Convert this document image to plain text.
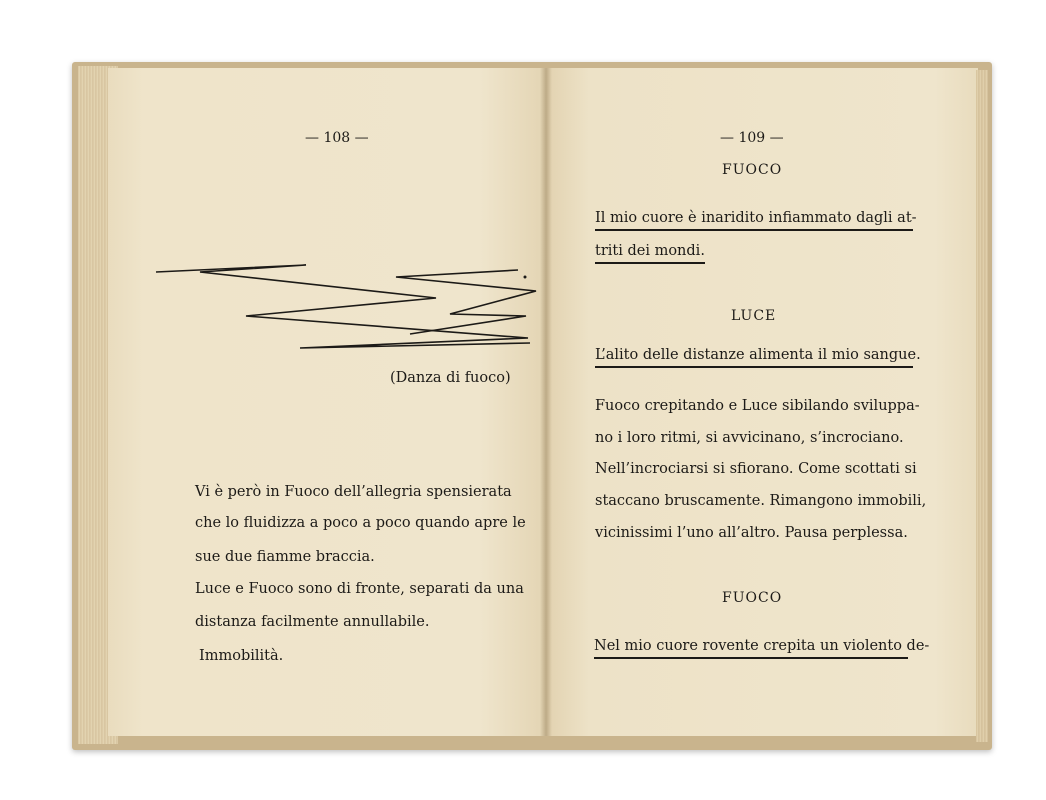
— 108 —
(Danza di fuoco)
Vi è però in Fuoco dell’allegria spensierata
che lo fluidizza a poco a poco quando apre le
sue due fiamme braccia.
Luce e Fuoco sono di fronte, separati da una
distanza facilmente annullabile.
Immobilità.
— 109 —
FUOCO
Il mio cuore è inaridito infiammato dagli at-
triti dei mondi.
LUCE
L’alito delle distanze alimenta il mio sangue.
Fuoco crepitando e Luce sibilando sviluppa-
no i loro ritmi, si avvicinano, s’incrociano.
Nell’incrociarsi si sfiorano. Come scottati si
staccano bruscamente. Rimangono immobili,
vicinissimi l’uno all’altro. Pausa perplessa.
FUOCO
Nel mio cuore rovente crepita un violento de-
